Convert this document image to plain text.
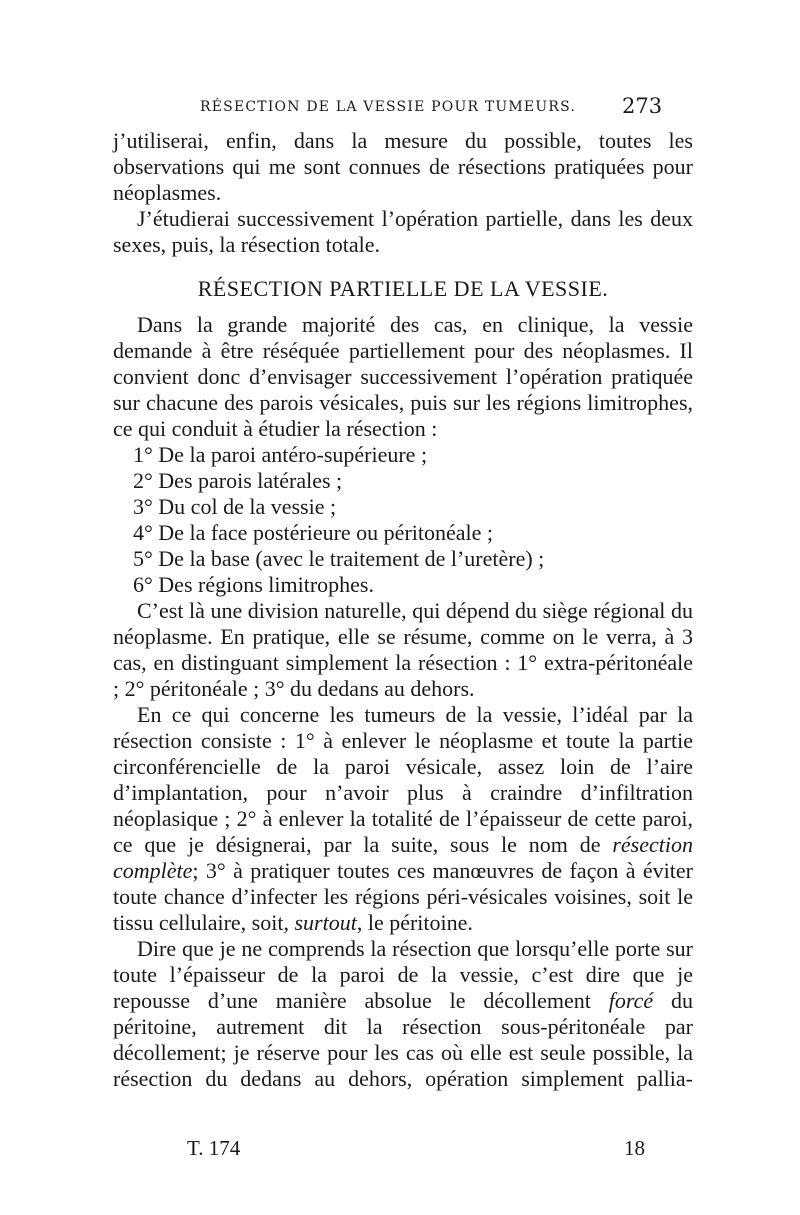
RÉSECTION DE LA VESSIE POUR TUMEURS.	273

j’utiliserai, enfin, dans la mesure du possible, toutes les observations qui me sont connues de résections pratiquées pour néoplasmes.

J’étudierai successivement l’opération partielle, dans les deux sexes, puis, la résection totale.

RÉSECTION PARTIELLE DE LA VESSIE.

Dans la grande majorité des cas, en clinique, la vessie demande à être réséquée partiellement pour des néoplasmes. Il convient donc d’envisager successivement l’opération pratiquée sur chacune des parois vésicales, puis sur les régions limitrophes, ce qui conduit à étudier la résection :

1° De la paroi antéro-supérieure ;

2° Des parois latérales ;

3° Du col de la vessie ;

4° De la face postérieure ou péritonéale ;

5° De la base (avec le traitement de l’uretère) ;

6° Des régions limitrophes.

C’est là une division naturelle, qui dépend du siège régional du néoplasme. En pratique, elle se résume, comme on le verra, à 3 cas, en distinguant simplement la résection : 1° extra-péritonéale ; 2° péritonéale ; 3° du dedans au dehors.

En ce qui concerne les tumeurs de la vessie, l’idéal par la résection consiste : 1° à enlever le néoplasme et toute la partie circonférencielle de la paroi vésicale, assez loin de l’aire d’implantation, pour n’avoir plus à craindre d’infiltration néoplasique ; 2° à enlever la totalité de l’épaisseur de cette paroi, ce que je désignerai, par la suite, sous le nom de résection complète; 3° à pratiquer toutes ces manœuvres de façon à éviter toute chance d’infecter les régions péri-vésicales voisines, soit le tissu cellulaire, soit, surtout, le péritoine.

Dire que je ne comprends la résection que lorsqu’elle porte sur toute l’épaisseur de la paroi de la vessie, c’est dire que je repousse d’une manière absolue le décollement forcé du péritoine, autrement dit la résection sous-péritonéale par décollement; je réserve pour les cas où elle est seule possible, la résection du dedans au dehors, opération simplement pallia-

T. 174	18
